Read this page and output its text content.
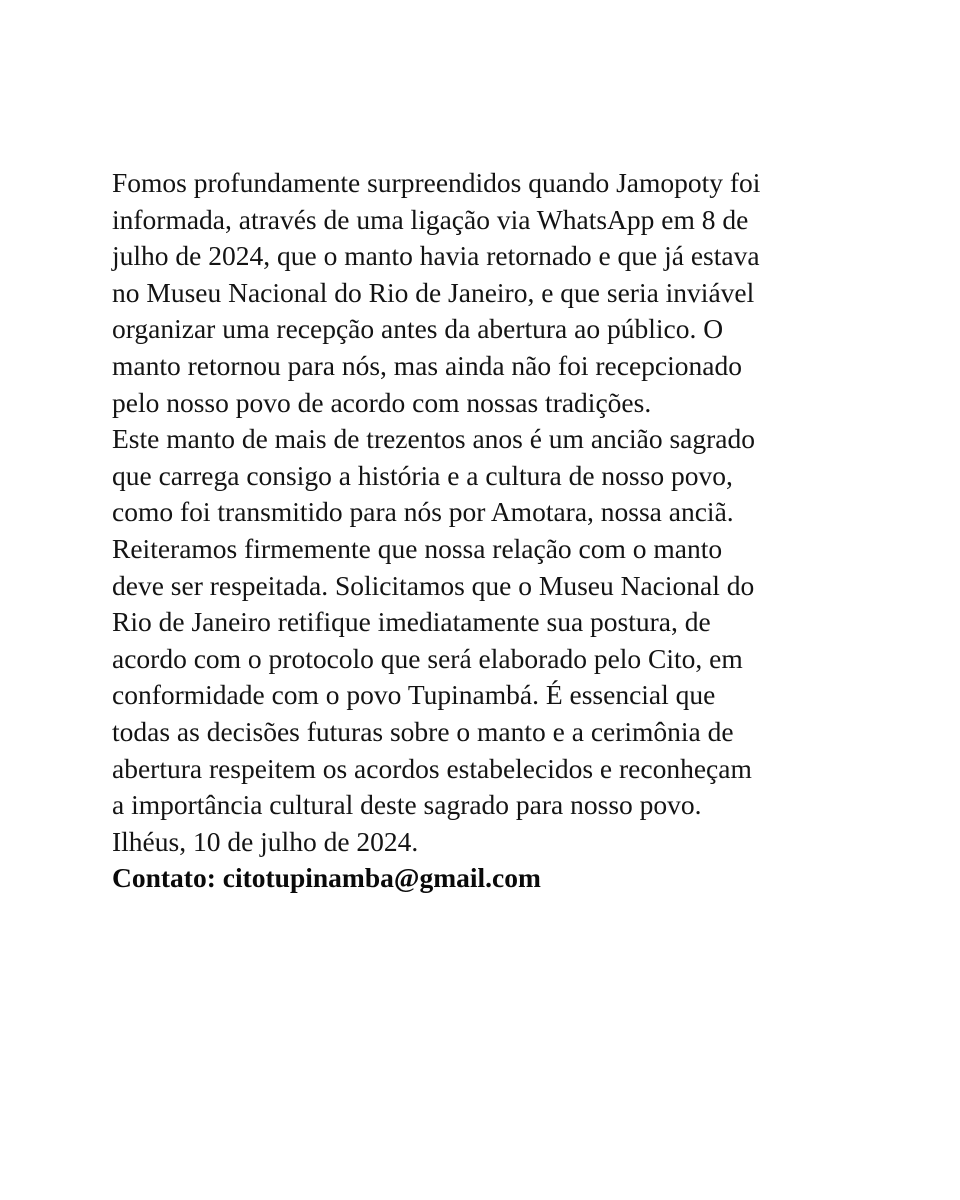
Fomos profundamente surpreendidos quando Jamopoty foi
informada, através de uma ligação via WhatsApp em 8 de
julho de 2024, que o manto havia retornado e que já estava
no Museu Nacional do Rio de Janeiro, e que seria inviável
organizar uma recepção antes da abertura ao público. O
manto retornou para nós, mas ainda não foi recepcionado
pelo nosso povo de acordo com nossas tradições.
Este manto de mais de trezentos anos é um ancião sagrado
que carrega consigo a história e a cultura de nosso povo,
como foi transmitido para nós por Amotara, nossa anciã.
Reiteramos firmemente que nossa relação com o manto
deve ser respeitada. Solicitamos que o Museu Nacional do
Rio de Janeiro retifique imediatamente sua postura, de
acordo com o protocolo que será elaborado pelo Cito, em
conformidade com o povo Tupinambá. É essencial que
todas as decisões futuras sobre o manto e a cerimônia de
abertura respeitem os acordos estabelecidos e reconheçam
a importância cultural deste sagrado para nosso povo.
Ilhéus, 10 de julho de 2024.
Contato: citotupinamba@gmail.com
